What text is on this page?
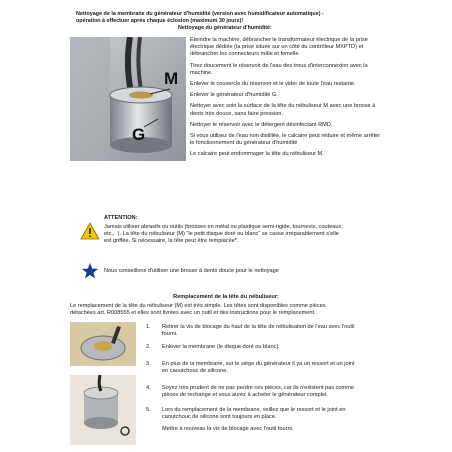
Nettoyage de la membrane du générateur d'humidité (version avec humidificateur automatique) -
opération à effectuer après chaque éclosion (maximum 30 jours)!
Nettoyage du générateur d'humidité:
M
G
Eteindre la machine, débrancher le transformateur électrique de la prise électrique dédiée (la prise située sur un côté du contrôleur MXPTD) et débrancher les connecteurs mâle et femelle.
Tirez doucement le réservoir de l'eau des trous d'interconnexion avec la machine.
Enlever le couvercle du réservoir et le vider de toute l'eau restante.
Enlever le générateur d'humidité G.
Nettoyer avec soin la surface de la tête du nébuliseur M avec une brosse à dents très douce, sans faire pression.
Nettoyer le réservoir avec le détergent désinfectant RMD.
Si vous utilisez de l'eau non distillée, le calcaire peut réduire et même arrêter le fonctionnement du générateur d'humidité
Le calcaire peut endommager la tête du nébuliseur M.
ATTENTION:
Jamais utiliser abrasifs ou outils (brosses en métal ou plastique semi-rigide, tournevis, couteaux,
etc., .). La tête du nébuliseur (M) "le petit disque doré ou blanc" se casse irréparablement s'elle
est griffée. Si nécessaire, la tête peut être remplacée*.
Nous conseillons d'utiliser une brosse à dents douce pour le nettoyage
Remplacement de la tête du nébuliseur:
Le remplacement de la tête du nébuliseur (M) est très simple. Les têtes sont disponibles comme pièces
détachées art. R008555 et elles sont livrées avec un outil et des instructions pour le remplacement.
1. Retirer la vis de blocage du haut de la tête de nébulisation de l'eau avec l'outil
fourni.
2. Enlever la membrane (le disque doré ou blanc).
3. En plus de la membrane, sur le siège du générateur il ya un ressort et un joint
en caoutchouc de silicone.
4. Soyez très prudent de ne pas perdre ces pièces, car ils n'existent pas comme
pièces de rechange et vous aurez à acheter le générateur complet.
5. Lors du remplacement de la membrane, veillez que le ressort et le joint en
caoutchouc de silicone sont toujours en place.
Mettre à nouveau la vis de blocage avec l'outil fourni.
